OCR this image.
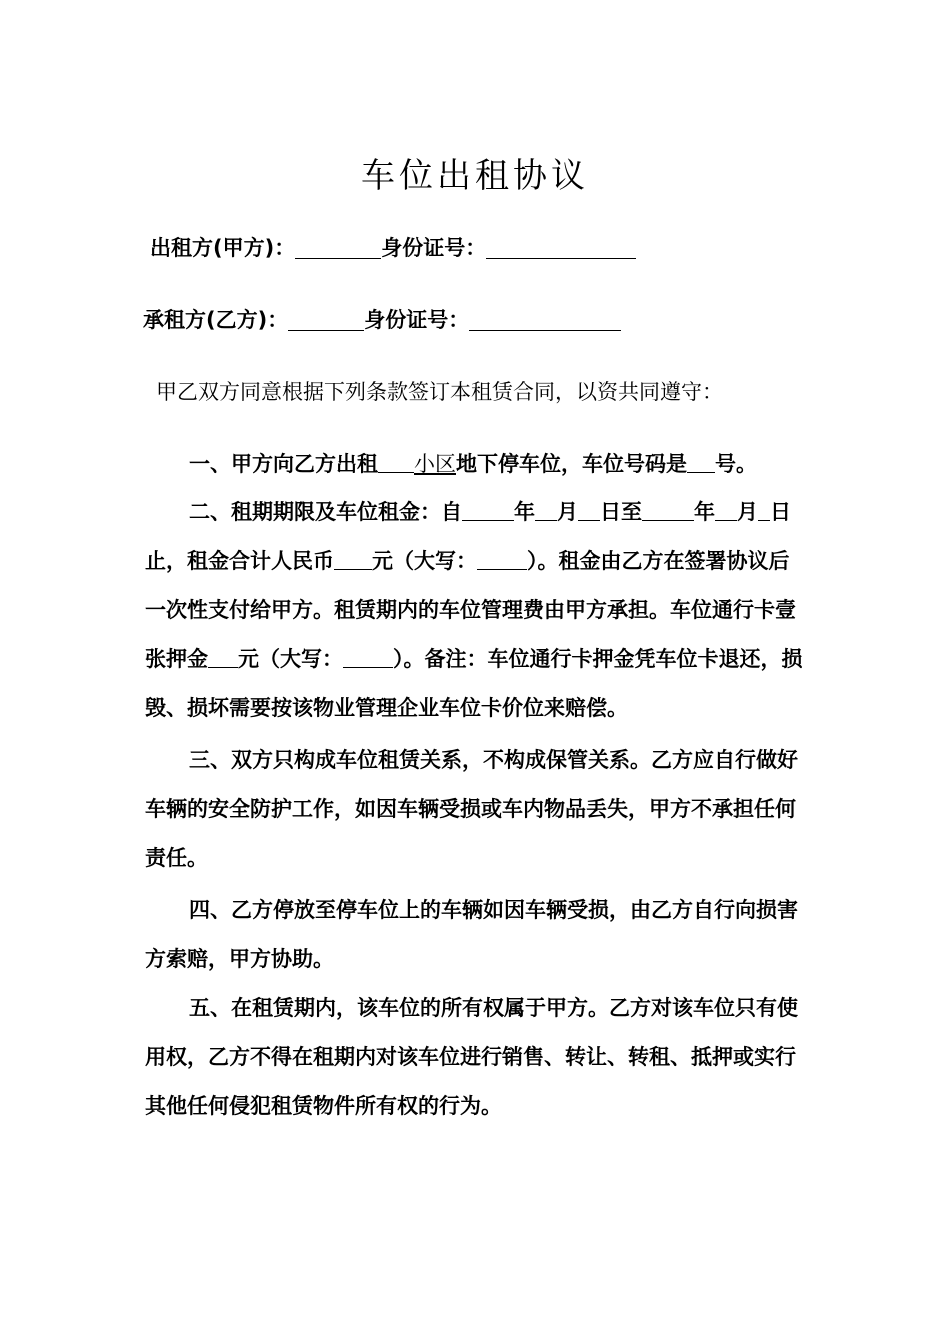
车位出租协议
出租方(甲方)：	身份证号：
承租方(乙方)：	身份证号：
甲乙双方同意根据下列条款签订本租赁合同，以资共同遵守：
一、甲方向乙方出租 小区地下停车位，车位号码是 号。
二、租期期限及车位租金：自 年 月 日至 年 月 日止，租金合计人民币 元（大写： ）。租金由乙方在签署协议后一次性支付给甲方。租赁期内的车位管理费由甲方承担。车位通行卡壹张押金 元（大写： ）。备注：车位通行卡押金凭车位卡退还，损毁、损坏需要按该物业管理企业车位卡价位来赔偿。
三、双方只构成车位租赁关系，不构成保管关系。乙方应自行做好车辆的安全防护工作，如因车辆受损或车内物品丢失，甲方不承担任何责任。
四、乙方停放至停车位上的车辆如因车辆受损，由乙方自行向损害方索赔，甲方协助。
五、在租赁期内，该车位的所有权属于甲方。乙方对该车位只有使用权，乙方不得在租期内对该车位进行销售、转让、转租、抵押或实行其他任何侵犯租赁物件所有权的行为。
